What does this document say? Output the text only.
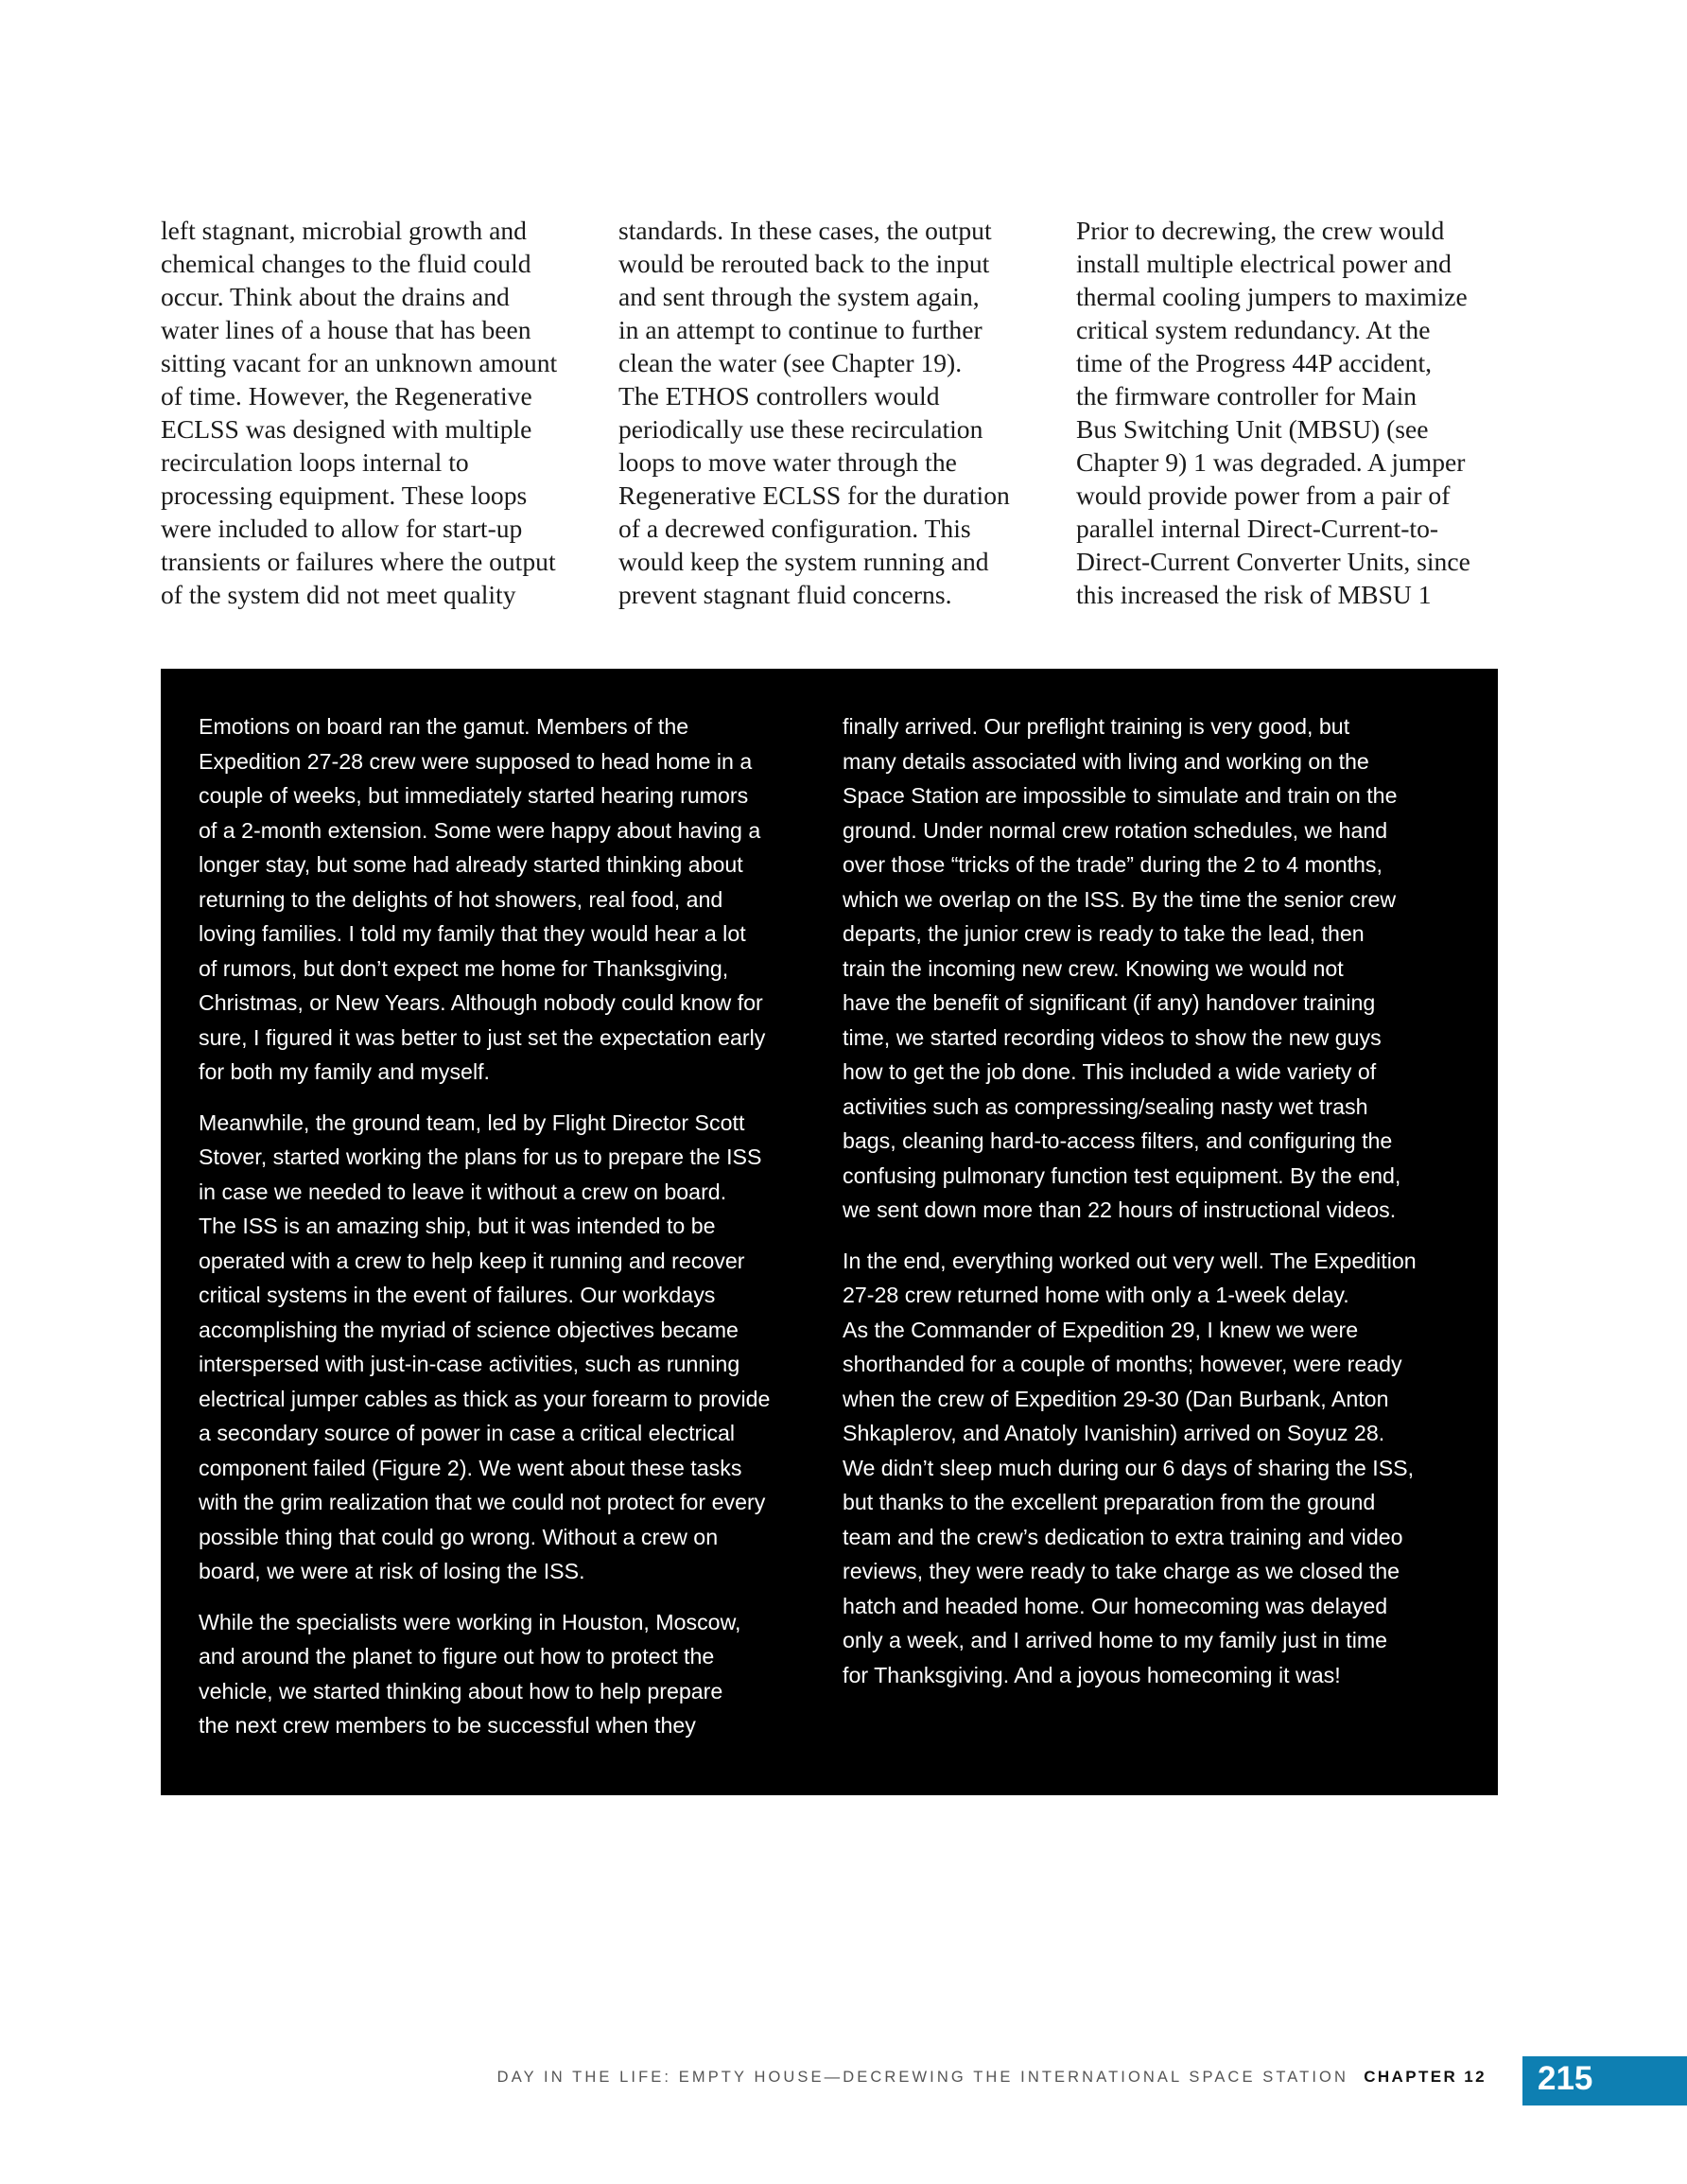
left stagnant, microbial growth and
chemical changes to the fluid could
occur. Think about the drains and
water lines of a house that has been
sitting vacant for an unknown amount
of time. However, the Regenerative
ECLSS was designed with multiple
recirculation loops internal to
processing equipment. These loops
were included to allow for start-up
transients or failures where the output
of the system did not meet quality

standards. In these cases, the output
would be rerouted back to the input
and sent through the system again,
in an attempt to continue to further
clean the water (see Chapter 19).
The ETHOS controllers would
periodically use these recirculation
loops to move water through the
Regenerative ECLSS for the duration
of a decrewed configuration. This
would keep the system running and
prevent stagnant fluid concerns.

Prior to decrewing, the crew would
install multiple electrical power and
thermal cooling jumpers to maximize
critical system redundancy. At the
time of the Progress 44P accident,
the firmware controller for Main
Bus Switching Unit (MBSU) (see
Chapter 9) 1 was degraded. A jumper
would provide power from a pair of
parallel internal Direct-Current-to-
Direct-Current Converter Units, since
this increased the risk of MBSU 1

Emotions on board ran the gamut. Members of the
Expedition 27-28 crew were supposed to head home in a
couple of weeks, but immediately started hearing rumors
of a 2-month extension. Some were happy about having a
longer stay, but some had already started thinking about
returning to the delights of hot showers, real food, and
loving families. I told my family that they would hear a lot
of rumors, but don’t expect me home for Thanksgiving,
Christmas, or New Years. Although nobody could know for
sure, I figured it was better to just set the expectation early
for both my family and myself.

Meanwhile, the ground team, led by Flight Director Scott
Stover, started working the plans for us to prepare the ISS
in case we needed to leave it without a crew on board.
The ISS is an amazing ship, but it was intended to be
operated with a crew to help keep it running and recover
critical systems in the event of failures. Our workdays
accomplishing the myriad of science objectives became
interspersed with just-in-case activities, such as running
electrical jumper cables as thick as your forearm to provide
a secondary source of power in case a critical electrical
component failed (Figure 2). We went about these tasks
with the grim realization that we could not protect for every
possible thing that could go wrong. Without a crew on
board, we were at risk of losing the ISS.

While the specialists were working in Houston, Moscow,
and around the planet to figure out how to protect the
vehicle, we started thinking about how to help prepare
the next crew members to be successful when they

finally arrived. Our preflight training is very good, but
many details associated with living and working on the
Space Station are impossible to simulate and train on the
ground. Under normal crew rotation schedules, we hand
over those “tricks of the trade” during the 2 to 4 months,
which we overlap on the ISS. By the time the senior crew
departs, the junior crew is ready to take the lead, then
train the incoming new crew. Knowing we would not
have the benefit of significant (if any) handover training
time, we started recording videos to show the new guys
how to get the job done. This included a wide variety of
activities such as compressing/sealing nasty wet trash
bags, cleaning hard-to-access filters, and configuring the
confusing pulmonary function test equipment. By the end,
we sent down more than 22 hours of instructional videos.

In the end, everything worked out very well. The Expedition
27-28 crew returned home with only a 1-week delay.
As the Commander of Expedition 29, I knew we were
shorthanded for a couple of months; however, were ready
when the crew of Expedition 29-30 (Dan Burbank, Anton
Shkaplerov, and Anatoly Ivanishin) arrived on Soyuz 28.
We didn’t sleep much during our 6 days of sharing the ISS,
but thanks to the excellent preparation from the ground
team and the crew’s dedication to extra training and video
reviews, they were ready to take charge as we closed the
hatch and headed home. Our homecoming was delayed
only a week, and I arrived home to my family just in time
for Thanksgiving. And a joyous homecoming it was!

DAY IN THE LIFE: EMPTY HOUSE—DECREWING THE INTERNATIONAL SPACE STATION CHAPTER 12 215
